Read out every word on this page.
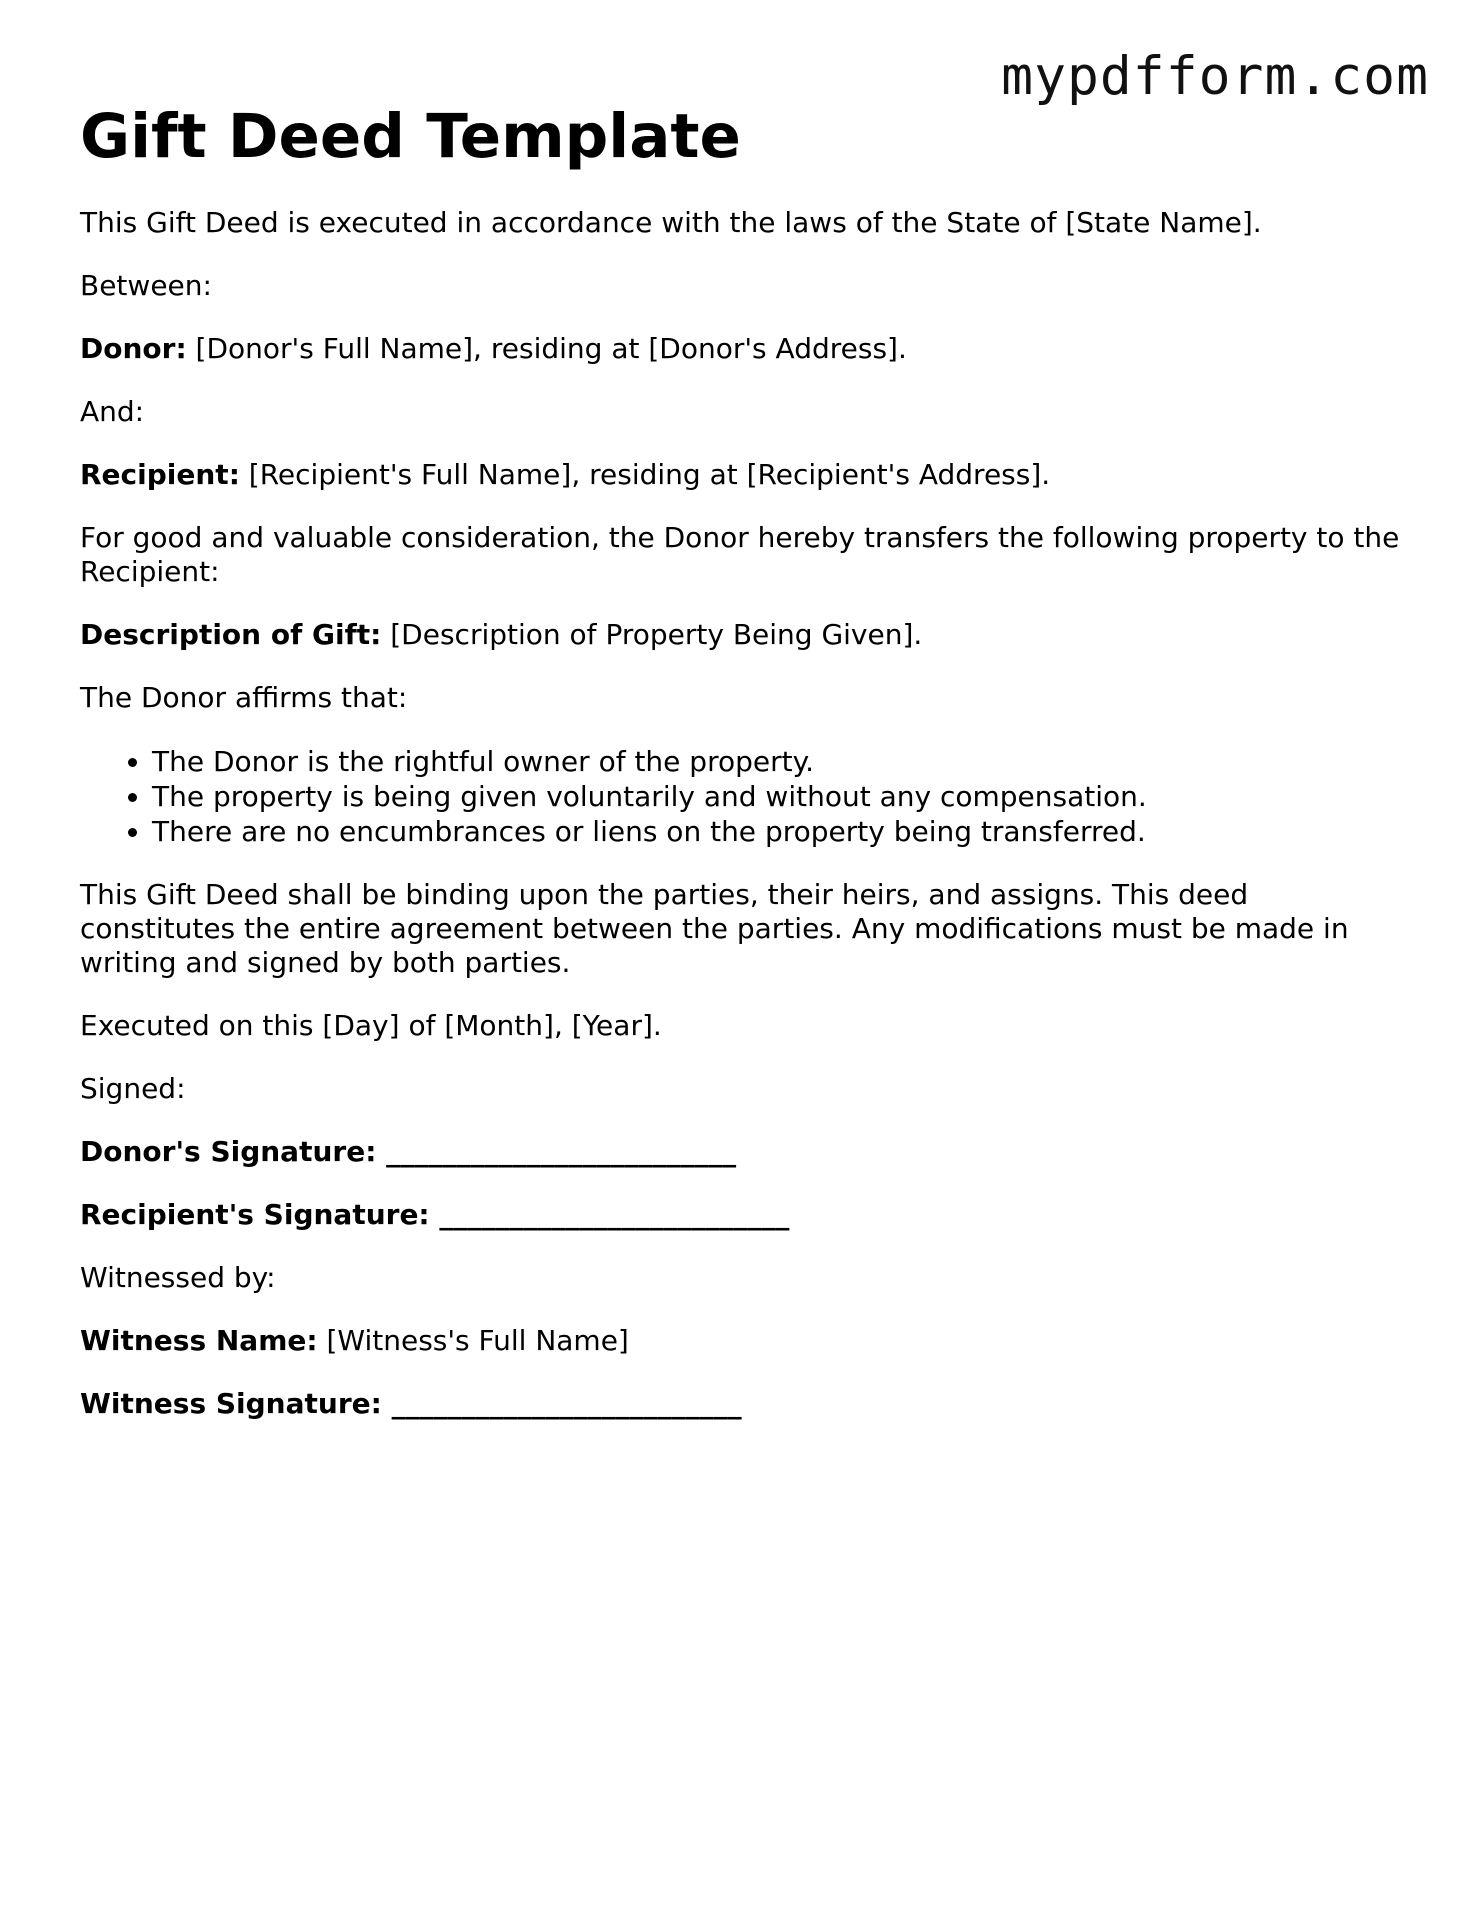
mypdfform.com
Gift Deed Template

This Gift Deed is executed in accordance with the laws of the State of [State Name].

Between:

Donor: [Donor's Full Name], residing at [Donor's Address].

And:

Recipient: [Recipient's Full Name], residing at [Recipient's Address].

For good and valuable consideration, the Donor hereby transfers the following property to the Recipient:

Description of Gift: [Description of Property Being Given].

The Donor affirms that:

• The Donor is the rightful owner of the property.
• The property is being given voluntarily and without any compensation.
• There are no encumbrances or liens on the property being transferred.

This Gift Deed shall be binding upon the parties, their heirs, and assigns. This deed constitutes the entire agreement between the parties. Any modifications must be made in writing and signed by both parties.

Executed on this [Day] of [Month], [Year].

Signed:

Donor's Signature: _________________________

Recipient's Signature: _________________________

Witnessed by:

Witness Name: [Witness's Full Name]

Witness Signature: _________________________
